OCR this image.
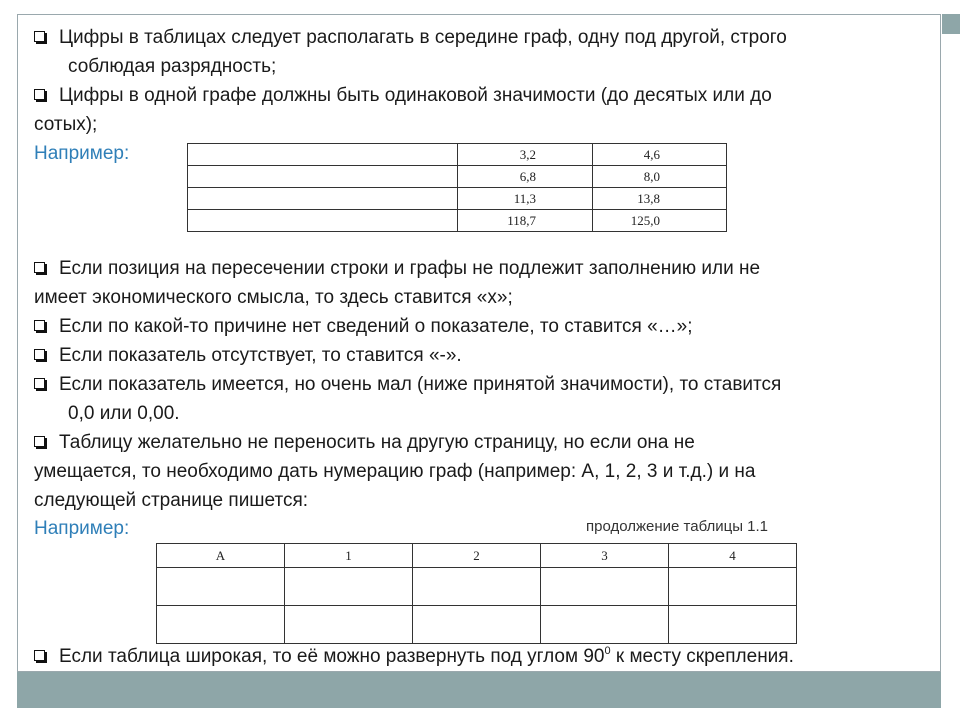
Цифры в таблицах следует располагать в середине граф, одну под другой, строго
соблюдая разрядность;

Цифры в одной графе должны быть одинаковой значимости (до десятых или до
сотых);

Например:

		3,2	4,6
	6,8	8,0
	11,3	13,8
	118,7	125,0

Если позиция на пересечении строки и графы не подлежит заполнению или не
имеет экономического смысла, то здесь ставится «х»;

Если по какой-то причине нет сведений о показателе, то ставится «…»;

Если показатель отсутствует, то ставится «-».

Если показатель имеется, но очень мал (ниже принятой значимости), то ставится
0,0 или 0,00.

Таблицу желательно не переносить на другую страницу, но если она не
умещается, то необходимо дать нумерацию граф (например: А, 1, 2, 3 и т.д.) и на
следующей странице пишется:

Например:	продолжение таблицы 1.1
А	1	2	3	4

Если таблица широкая, то её можно развернуть под углом $90^0$ к месту скрепления.
